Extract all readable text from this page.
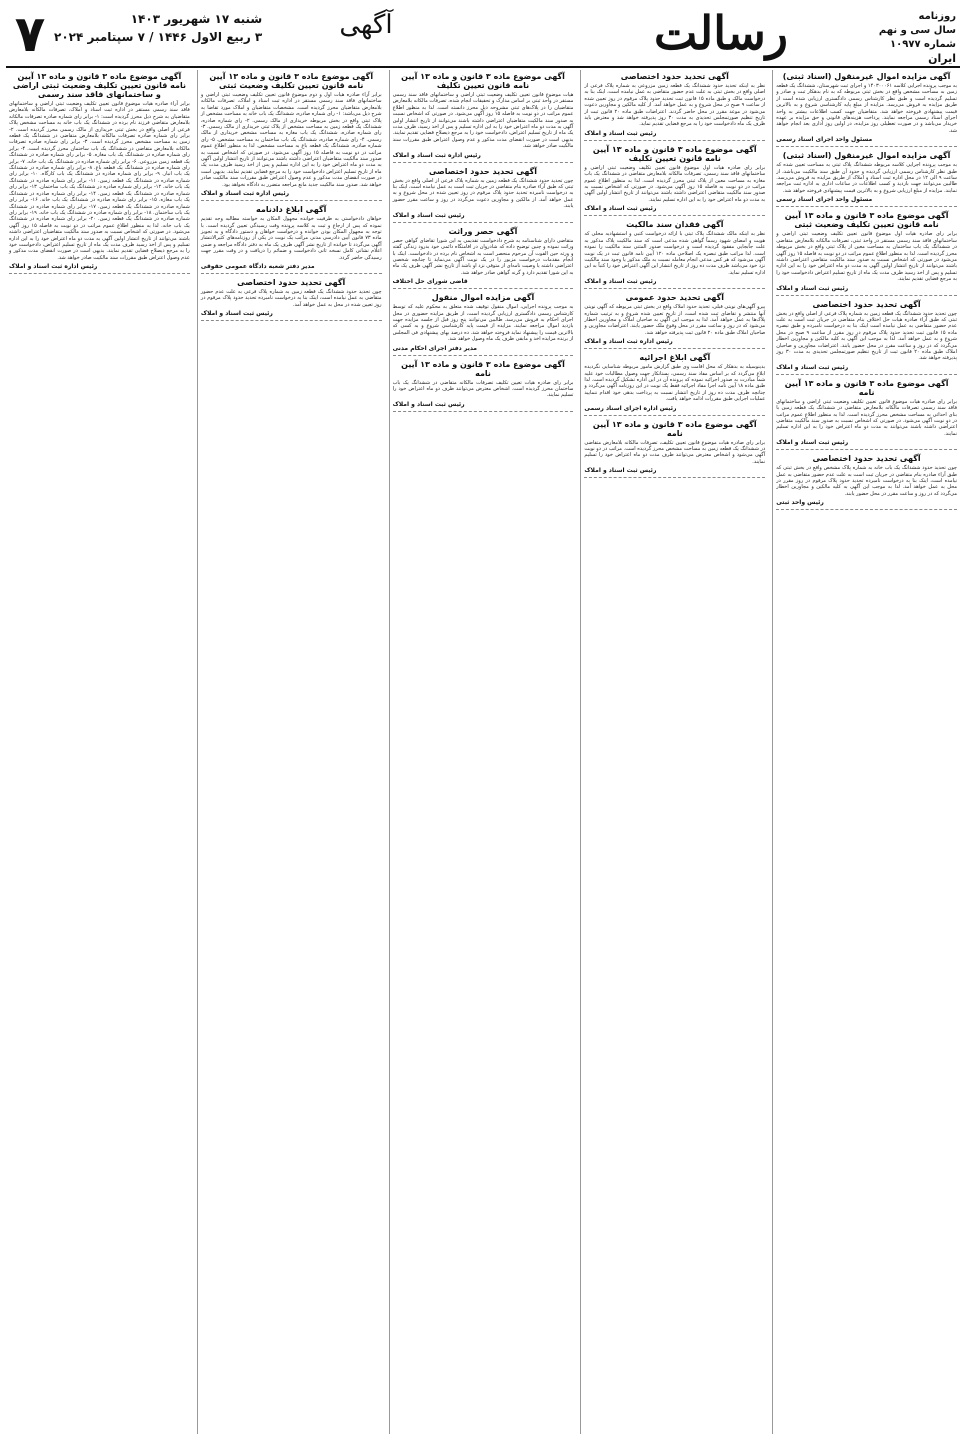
۷	شنبه ۱۷ شهریور ۱۴۰۳
۳ ربیع الاول ۱۴۴۶ / ۷ سپتامبر ۲۰۲۴	آگهی	رسالت	روزنامه
سال سی و نهم
شماره ۱۰۹۷۷
ایران
آگهی مزایده اموال غیرمنقول (اسناد ثبتی)
به موجب پرونده اجرایی کلاسه ۱۴۰۳۰۰۰۶۱ و اجرای ثبت شهرستان، ششدانگ یک قطعه زمین به مساحت مشخص واقع در بخش ثبتی مربوطه که به نام بدهکار ثبت و صادر و تسلیم گردیده است و طبق نظر کارشناس رسمی دادگستری ارزیابی شده است از طریق مزایده به فروش می‌رسد. مزایده از مبلغ پایه کارشناسی شروع و به بالاترین قیمت پیشنهادی فروخته خواهد شد. متقاضیان جهت کسب اطلاعات بیشتر به واحد اجرای اسناد رسمی مراجعه نمایند. پرداخت هزینه‌های قانونی و حق مزایده بر عهده خریدار می‌باشد و در صورت تعطیلی روز مزایده، در اولین روز اداری بعد انجام خواهد شد.
مسئول واحد اجرای اسناد رسمی
آگهی مزایده اموال غیرمنقول (اسناد ثبتی)
به موجب پرونده اجرایی کلاسه مربوطه ششدانگ پلاک ثبتی به مساحت تعیین شده که طبق نظر کارشناس رسمی ارزیابی گردیده و حدود آن طبق سند مالکیت می‌باشد، از ساعت ۹ الی ۱۲ در محل اداره ثبت اسناد و املاک از طریق مزایده به فروش می‌رسد. طالبین می‌توانند جهت بازدید و کسب اطلاعات در ساعات اداری به اداره ثبت مراجعه نمایند. مزایده از مبلغ ارزیابی شروع و به بالاترین قیمت پیشنهادی فروخته خواهد شد.
مسئول واحد اجرای اسناد رسمی
آگهی موضوع ماده ۳ قانون و ماده ۱۳ آیین نامه قانون تعیین تکلیف وضعیت ثبتی
برابر رای صادره هیات اول موضوع قانون تعیین تکلیف وضعیت ثبتی اراضی و ساختمانهای فاقد سند رسمی مستقر در واحد ثبتی، تصرفات مالکانه بلامعارض متقاضی در ششدانگ یک باب ساختمان به مساحت معین از پلاک ثبتی واقع در بخش مربوطه محرز گردیده است. لذا به منظور اطلاع عموم مراتب در دو نوبت به فاصله ۱۵ روز آگهی می‌شود در صورتی که اشخاص نسبت به صدور سند مالکیت متقاضی اعتراضی داشته باشند می‌توانند از تاریخ انتشار اولین آگهی به مدت دو ماه اعتراض خود را به این اداره تسلیم و پس از اخذ رسید ظرف مدت یک ماه از تاریخ تسلیم اعتراض دادخواست خود را به مرجع قضایی تقدیم نمایند.
رئیس ثبت اسناد و املاک
آگهی تحدید حدود اختصاصی
چون تحدید حدود ششدانگ یک قطعه زمین به شماره پلاک فرعی از اصلی واقع در بخش ثبتی که طبق آراء صادره هیات حل اختلاف بنام متقاضی در جریان ثبت است به علت عدم حضور متقاضی به عمل نیامده است اینک بنا به درخواست نامبرده و طبق تبصره ماده ۱۵ قانون ثبت تحدید حدود پلاک مرقوم در روز مقرر از ساعت ۹ صبح در محل شروع و به عمل خواهد آمد. لذا به موجب این آگهی به کلیه مالکین و مجاورین اخطار می‌گردد که در روز و ساعت مقرر در محل حضور یابند. اعتراضات مجاورین و صاحبان املاک طبق ماده ۲۰ قانون ثبت از تاریخ تنظیم صورتمجلس تحدیدی به مدت ۳۰ روز پذیرفته خواهد شد.
رئیس ثبت اسناد و املاک
آگهی موضوع ماده ۳ قانون و ماده ۱۳ آیین نامه
برابر رای صادره هیات موضوع قانون تعیین تکلیف وضعیت ثبتی اراضی و ساختمانهای فاقد سند رسمی تصرفات مالکانه بلامعارض متقاضی در ششدانگ یک قطعه زمین با بنای احداثی به مساحت مشخص محرز گردیده است. لذا به منظور اطلاع عموم مراتب در دو نوبت آگهی می‌شود. در صورتی که اشخاص نسبت به صدور سند مالکیت متقاضی اعتراضی داشته باشند می‌توانند به مدت دو ماه اعتراض خود را به این اداره تسلیم نمایند.
رئیس ثبت اسناد و املاک
آگهی تحدید حدود اختصاصی
چون تحدید حدود ششدانگ یک باب خانه به شماره پلاک مشخص واقع در بخش ثبتی که طبق آراء صادره بنام متقاضی در جریان ثبت است به علت عدم حضور متقاضی به عمل نیامده است، اینک بنا به درخواست نامبرده تحدید حدود پلاک مرقوم در روز مقرر در محل به عمل خواهد آمد. لذا به موجب این آگهی به کلیه مالکین و مجاورین اخطار می‌گردد که در روز و ساعت مقرر در محل حضور یابند.
رئیس واحد ثبتی
آگهی تحدید حدود اختصاصی
نظر به اینکه تحدید حدود ششدانگ یک قطعه زمین مزروعی به شماره پلاک فرعی از اصلی واقع در بخش ثبتی به علت عدم حضور متقاضی به عمل نیامده است، اینک بنا به درخواست مالک و طبق ماده ۱۵ قانون ثبت تحدید حدود پلاک مرقوم در روز تعیین شده از ساعت ۹ صبح در محل شروع و به عمل خواهد آمد. از کلیه مالکین و مجاورین دعوت می‌شود در موعد مقرر در محل حاضر گردند. اعتراضات طبق ماده ۲۰ قانون ثبت از تاریخ تنظیم صورتمجلس تحدیدی به مدت ۳۰ روز پذیرفته خواهد شد و معترض باید ظرف یک ماه دادخواست خود را به مرجع قضایی تقدیم نماید.
رئیس ثبت اسناد و املاک
آگهی موضوع ماده ۳ قانون و ماده ۱۳ آیین نامه قانون تعیین تکلیف
برابر رای صادره هیات اول موضوع قانون تعیین تکلیف وضعیت ثبتی اراضی و ساختمانهای فاقد سند رسمی، تصرفات مالکانه بلامعارض متقاضی در ششدانگ یک باب مغازه به مساحت معین از پلاک ثبتی محرز گردیده است. لذا به منظور اطلاع عموم مراتب در دو نوبت به فاصله ۱۵ روز آگهی می‌شود. در صورتی که اشخاص نسبت به صدور سند مالکیت متقاضی اعتراضی داشته باشند می‌توانند از تاریخ انتشار اولین آگهی به مدت دو ماه اعتراض خود را به این اداره تسلیم نمایند.
رئیس ثبت اسناد و املاک
آگهی فقدان سند مالکیت
نظر به اینکه مالک ششدانگ پلاک ثبتی با ارائه درخواست کتبی و استشهادیه محلی که هویت و امضای شهود رسماً گواهی شده مدعی است که سند مالکیت پلاک مذکور به علت جابجایی مفقود گردیده است و درخواست صدور المثنی سند مالکیت را نموده است. لذا مراتب طبق تبصره یک اصلاحی ماده ۱۲۰ آیین نامه قانون ثبت در یک نوبت آگهی می‌شود که هر کس مدعی انجام معامله نسبت به ملک مذکور یا وجود سند مالکیت نزد خود می‌باشد ظرف مدت ده روز از تاریخ انتشار این آگهی اعتراض خود را کتباً به این اداره تسلیم نماید.
رئیس ثبت اسناد و املاک
آگهی تحدید حدود عمومی
پیرو آگهی‌های نوبتی قبلی، تحدید حدود املاک واقع در بخش ثبتی مربوطه که آگهی نوبتی آنها منتشر و تقاضای ثبت شده است، از تاریخ تعیین شده شروع و به ترتیب شماره پلاک‌ها به عمل خواهد آمد. لذا به موجب این آگهی به صاحبان املاک و مجاورین اخطار می‌شود که در روز و ساعت مقرر در محل وقوع ملک حضور یابند. اعتراضات مجاورین و صاحبان املاک طبق ماده ۲۰ قانون ثبت پذیرفته خواهد شد.
رئیس اداره ثبت اسناد و املاک
آگهی ابلاغ اجرائیه
بدینوسیله به بدهکار که محل اقامت وی طبق گزارش مامور مربوطه شناسایی نگردیده ابلاغ می‌گردد که بر اساس مفاد سند رسمی، بستانکار جهت وصول مطالبات خود علیه شما مبادرت به صدور اجرائیه نموده که پرونده آن در این اداره تشکیل گردیده است. لذا طبق ماده ۱۸ آیین نامه اجرا مفاد اجرائیه فقط یک نوبت در این روزنامه آگهی می‌گردد و چنانچه ظرف مدت ده روز از تاریخ انتشار نسبت به پرداخت بدهی خود اقدام ننمایید عملیات اجرایی طبق مقررات ادامه خواهد یافت.
رئیس اداره اجرای اسناد رسمی
آگهی موضوع ماده ۳ قانون و ماده ۱۳ آیین نامه
برابر رای صادره هیات موضوع قانون تعیین تکلیف، تصرفات مالکانه بلامعارض متقاضی در ششدانگ یک قطعه زمین به مساحت مشخص محرز گردیده است. مراتب در دو نوبت آگهی می‌شود و اشخاص معترض می‌توانند ظرف مدت دو ماه اعتراض خود را تسلیم نمایند.
رئیس ثبت اسناد و املاک
آگهی موضوع ماده ۳ قانون و ماده ۱۳ آیین نامه قانون تعیین تکلیف
هیات موضوع قانون تعیین تکلیف وضعیت ثبتی اراضی و ساختمانهای فاقد سند رسمی مستقر در واحد ثبتی بر اساس مدارک و تحقیقات انجام شده، تصرفات مالکانه بلامعارض متقاضیان را در پلاک‌های ثبتی مشروحه ذیل محرز دانسته است. لذا به منظور اطلاع عموم مراتب در دو نوبت به فاصله ۱۵ روز آگهی می‌شود. در صورتی که اشخاص نسبت به صدور سند مالکیت متقاضیان اعتراضی داشته باشند می‌توانند از تاریخ انتشار اولین آگهی به مدت دو ماه اعتراض خود را به این اداره تسلیم و پس از اخذ رسید، ظرف مدت یک ماه از تاریخ تسلیم اعتراض، دادخواست خود را به مرجع ذیصلاح قضایی تقدیم نمایند. بدیهی است در صورت انقضای مدت مذکور و عدم وصول اعتراض طبق مقررات سند مالکیت صادر خواهد شد.
رئیس اداره ثبت اسناد و املاک
آگهی تحدید حدود اختصاصی
چون تحدید حدود ششدانگ یک قطعه زمین به شماره پلاک فرعی از اصلی واقع در بخش ثبتی که طبق آراء صادره بنام متقاضی در جریان ثبت است به عمل نیامده است، اینک بنا به درخواست نامبرده تحدید حدود پلاک مرقوم در روز تعیین شده در محل شروع و به عمل خواهد آمد. از مالکین و مجاورین دعوت می‌گردد در روز و ساعت مقرر حضور یابند.
رئیس ثبت اسناد و املاک
آگهی حصر وراثت
متقاضی دارای شناسنامه به شرح دادخواست تقدیمی به این شورا تقاضای گواهی حصر وراثت نموده و چنین توضیح داده که شادروان در اقامتگاه دائمی خود بدرود زندگی گفته و ورثه حین الفوت آن مرحوم منحصر است به اشخاص نام برده در دادخواست. اینک با انجام مقدمات درخواست مزبور را در یک نوبت آگهی می‌نماید تا چنانچه شخصی اعتراضی داشته یا وصیت نامه‌ای از متوفی نزد او باشد از تاریخ نشر آگهی ظرف یک ماه به این شورا تقدیم دارد و گرنه گواهی صادر خواهد شد.
قاضی شورای حل اختلاف
آگهی مزایده اموال منقول
به موجب پرونده اجرایی، اموال منقول توقیف شده متعلق به محکوم علیه که توسط کارشناس رسمی دادگستری ارزیابی گردیده است، از طریق مزایده حضوری در محل اجرای احکام به فروش می‌رسد. طالبین می‌توانند پنج روز قبل از جلسه مزایده جهت بازدید اموال مراجعه نمایند. مزایده از قیمت پایه کارشناسی شروع و به کسی که بالاترین قیمت را پیشنهاد نماید فروخته خواهد شد. ده درصد بهای پیشنهادی فی المجلس از برنده مزایده اخذ و مابقی ظرف یک ماه وصول خواهد شد.
مدیر دفتر اجرای احکام مدنی
آگهی موضوع ماده ۳ قانون و ماده ۱۳ آیین نامه
برابر رای صادره هیات تعیین تکلیف تصرفات مالکانه متقاضی در ششدانگ یک باب ساختمان محرز گردیده است. اشخاص معترض می‌توانند ظرف دو ماه اعتراض خود را تسلیم نمایند.
رئیس ثبت اسناد و املاک
آگهی موضوع ماده ۳ قانون و ماده ۱۳ آیین نامه قانون تعیین تکلیف وضعیت ثبتی
برابر آراء صادره هیات اول و دوم موضوع قانون تعیین تکلیف وضعیت ثبتی اراضی و ساختمانهای فاقد سند رسمی مستقر در اداره ثبت اسناد و املاک، تصرفات مالکانه بلامعارض متقاضیان محرز گردیده است. مشخصات متقاضیان و املاک مورد تقاضا به شرح ذیل می‌باشد: ۱- رای شماره صادره، ششدانگ یک باب خانه به مساحت مشخص از پلاک ثبتی واقع در بخش مربوطه خریداری از مالک رسمی. ۲- رای شماره صادره، ششدانگ یک قطعه زمین به مساحت مشخص از پلاک ثبتی خریداری از مالک رسمی. ۳- رای شماره صادره، ششدانگ یک باب مغازه به مساحت مشخص خریداری از مالک رسمی. ۴- رای شماره صادره، ششدانگ یک باب ساختمان به مساحت مشخص. ۵- رای شماره صادره، ششدانگ یک قطعه باغ به مساحت مشخص. لذا به منظور اطلاع عموم مراتب در دو نوبت به فاصله ۱۵ روز آگهی می‌شود. در صورتی که اشخاص نسبت به صدور سند مالکیت متقاضیان اعتراضی داشته باشند می‌توانند از تاریخ انتشار اولین آگهی به مدت دو ماه اعتراض خود را به این اداره تسلیم و پس از اخذ رسید ظرف مدت یک ماه از تاریخ تسلیم اعتراض دادخواست خود را به مرجع قضایی تقدیم نمایند. بدیهی است در صورت انقضای مدت مذکور و عدم وصول اعتراض طبق مقررات سند مالکیت صادر خواهد شد. صدور سند مالکیت جدید مانع مراجعه متضرر به دادگاه نخواهد بود.
رئیس اداره ثبت اسناد و املاک
آگهی ابلاغ دادنامه
خواهان دادخواستی به طرفیت خوانده مجهول المکان به خواسته مطالبه وجه تقدیم نموده که پس از ارجاع و ثبت به کلاسه پرونده وقت رسیدگی تعیین گردیده است. با توجه به مجهول المکان بودن خوانده و درخواست خواهان و دستور دادگاه و به تجویز ماده ۷۳ قانون آیین دادرسی مدنی مراتب یک نوبت در یکی از روزنامه‌های کثیرالانتشار آگهی می‌گردد تا خوانده از تاریخ نشر آگهی ظرف یک ماه به دفتر دادگاه مراجعه و ضمن اعلام نشانی کامل نسخه ثانی دادخواست و ضمائم را دریافت و در وقت مقرر جهت رسیدگی حاضر گردد.
مدیر دفتر شعبه دادگاه عمومی حقوقی
آگهی تحدید حدود اختصاصی
چون تحدید حدود ششدانگ یک قطعه زمین به شماره پلاک فرعی به علت عدم حضور متقاضی به عمل نیامده است، اینک بنا به درخواست نامبرده تحدید حدود پلاک مرقوم در روز تعیین شده در محل به عمل خواهد آمد.
رئیس ثبت اسناد و املاک
آگهی موضوع ماده ۳ قانون و ماده ۱۳ آیین نامه قانون تعیین تکلیف وضعیت ثبتی اراضی و ساختمانهای فاقد سند رسمی
برابر آراء صادره هیات موضوع قانون تعیین تکلیف وضعیت ثبتی اراضی و ساختمانهای فاقد سند رسمی مستقر در اداره ثبت اسناد و املاک، تصرفات مالکانه بلامعارض متقاضیان به شرح ذیل محرز گردیده است: ۱- برابر رای شماره صادره تصرفات مالکانه بلامعارض متقاضی فرزند نام برده در ششدانگ یک باب خانه به مساحت مشخص پلاک فرعی از اصلی واقع در بخش ثبتی خریداری از مالک رسمی محرز گردیده است. ۲- برابر رای شماره صادره تصرفات مالکانه بلامعارض متقاضی در ششدانگ یک قطعه زمین به مساحت مشخص محرز گردیده است. ۳- برابر رای شماره صادره تصرفات مالکانه بلامعارض متقاضی در ششدانگ یک باب ساختمان محرز گردیده است. ۴- برابر رای شماره صادره در ششدانگ یک باب مغازه. ۵- برابر رای شماره صادره در ششدانگ یک قطعه زمین مزروعی. ۶- برابر رای شماره صادره در ششدانگ یک باب خانه. ۷- برابر رای شماره صادره در ششدانگ یک قطعه باغ. ۸- برابر رای شماره صادره در ششدانگ یک باب انبار. ۹- برابر رای شماره صادره در ششدانگ یک باب کارگاه. ۱۰- برابر رای شماره صادره در ششدانگ یک قطعه زمین. ۱۱- برابر رای شماره صادره در ششدانگ یک باب خانه. ۱۲- برابر رای شماره صادره در ششدانگ یک باب ساختمان. ۱۳- برابر رای شماره صادره در ششدانگ یک قطعه زمین. ۱۴- برابر رای شماره صادره در ششدانگ یک باب مغازه. ۱۵- برابر رای شماره صادره در ششدانگ یک باب خانه. ۱۶- برابر رای شماره صادره در ششدانگ یک قطعه زمین. ۱۷- برابر رای شماره صادره در ششدانگ یک باب ساختمان. ۱۸- برابر رای شماره صادره در ششدانگ یک باب خانه. ۱۹- برابر رای شماره صادره در ششدانگ یک قطعه زمین. ۲۰- برابر رای شماره صادره در ششدانگ یک باب خانه. لذا به منظور اطلاع عموم مراتب در دو نوبت به فاصله ۱۵ روز آگهی می‌شود. در صورتی که اشخاص نسبت به صدور سند مالکیت متقاضیان اعتراضی داشته باشند می‌توانند از تاریخ انتشار اولین آگهی به مدت دو ماه اعتراض خود را به این اداره تسلیم و پس از اخذ رسید ظرف مدت یک ماه از تاریخ تسلیم اعتراض، دادخواست خود را به مرجع ذیصلاح قضایی تقدیم نمایند. بدیهی است در صورت انقضای مدت مذکور و عدم وصول اعتراض طبق مقررات سند مالکیت صادر خواهد شد.
رئیس اداره ثبت اسناد و املاک
